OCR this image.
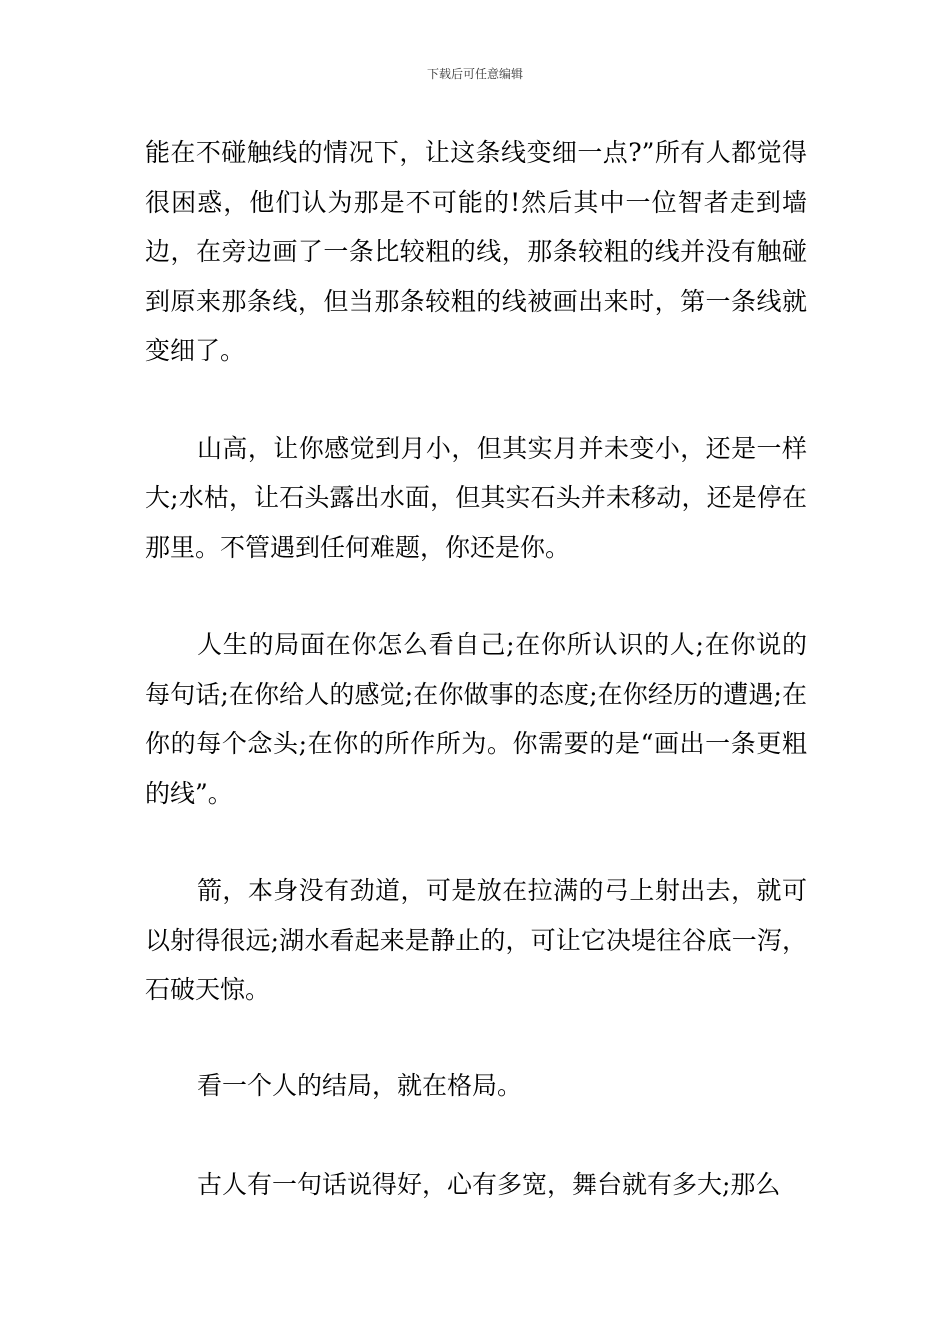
下载后可任意编辑

能在不碰触线的情况下，让这条线变细一点?”所有人都觉得很困惑，他们认为那是不可能的!然后其中一位智者走到墙边，在旁边画了一条比较粗的线，那条较粗的线并没有触碰到原来那条线，但当那条较粗的线被画出来时，第一条线就变细了。

山高，让你感觉到月小，但其实月并未变小，还是一样大;水枯，让石头露出水面，但其实石头并未移动，还是停在那里。不管遇到任何难题，你还是你。

人生的局面在你怎么看自己;在你所认识的人;在你说的每句话;在你给人的感觉;在你做事的态度;在你经历的遭遇;在你的每个念头;在你的所作所为。你需要的是“画出一条更粗的线”。

箭，本身没有劲道，可是放在拉满的弓上射出去，就可以射得很远;湖水看起来是静止的，可让它决堤往谷底一泻，石破天惊。

看一个人的结局，就在格局。

古人有一句话说得好，心有多宽，舞台就有多大;那么
